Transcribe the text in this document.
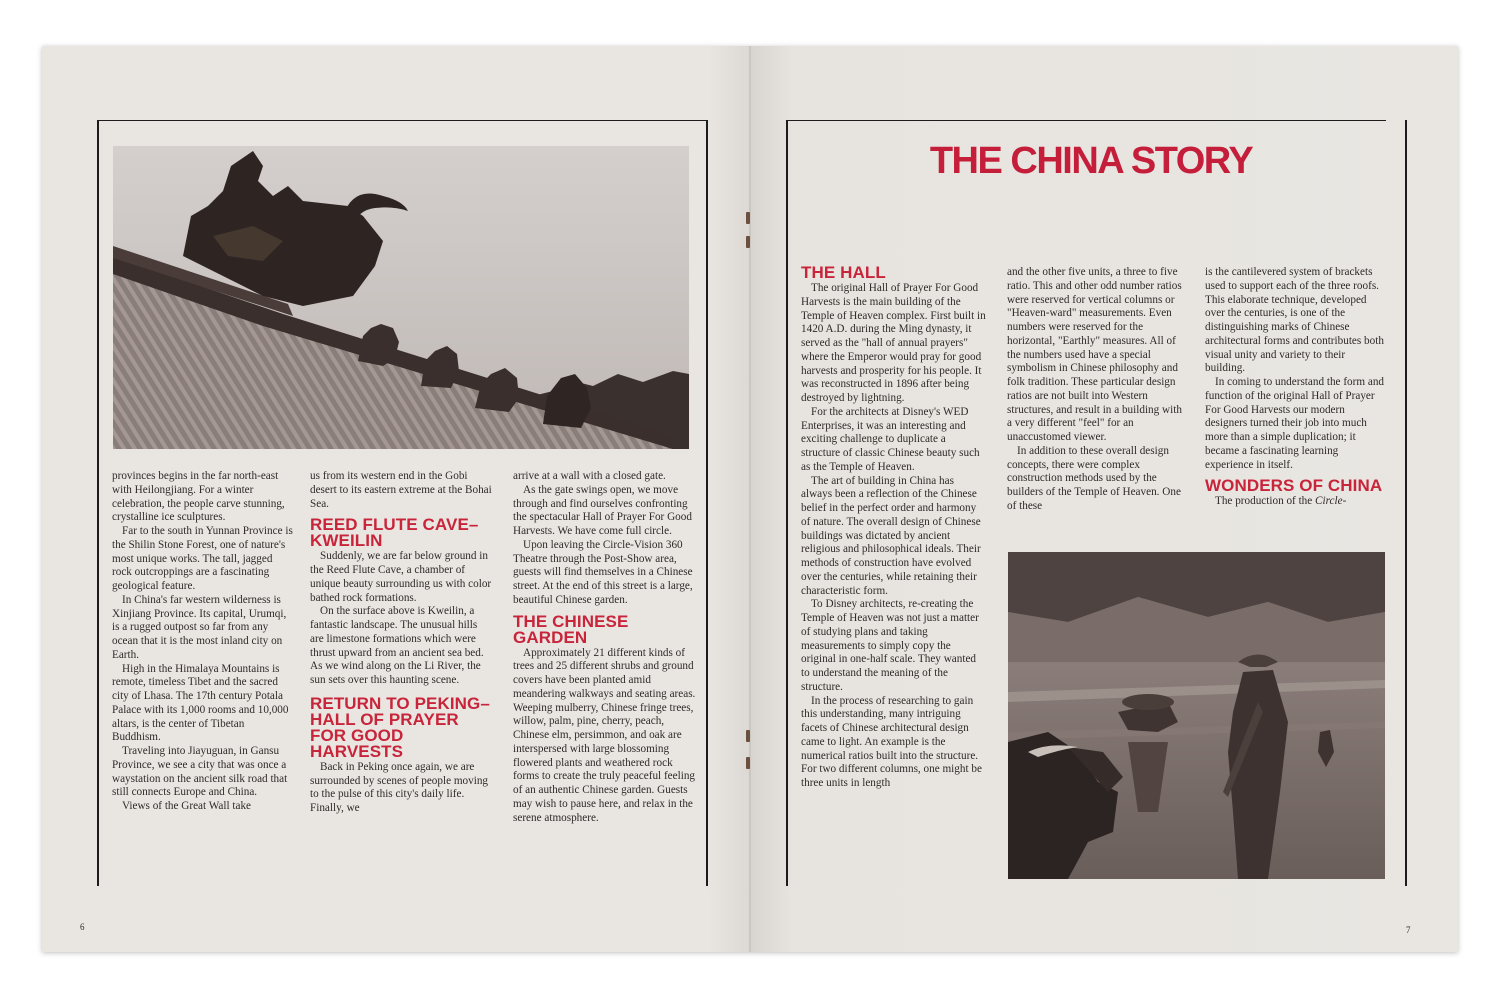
provinces begins in the far north-east with Heilongjiang. For a winter celebration, the people carve stunning, crystalline ice sculptures.

Far to the south in Yunnan Province is the Shilin Stone Forest, one of nature's most unique works. The tall, jagged rock outcroppings are a fascinating geological feature.

In China's far western wilderness is Xinjiang Province. Its capital, Urumqi, is a rugged outpost so far from any ocean that it is the most inland city on Earth.

High in the Himalaya Mountains is remote, timeless Tibet and the sacred city of Lhasa. The 17th century Potala Palace with its 1,000 rooms and 10,000 altars, is the center of Tibetan Buddhism.

Traveling into Jiayuguan, in Gansu Province, we see a city that was once a waystation on the ancient silk road that still connects Europe and China.

Views of the Great Wall take

us from its western end in the Gobi desert to its eastern extreme at the Bohai Sea.

REED FLUTE CAVE–KWEILIN

Suddenly, we are far below ground in the Reed Flute Cave, a chamber of unique beauty surrounding us with color bathed rock formations.

On the surface above is Kweilin, a fantastic landscape. The unusual hills are limestone formations which were thrust upward from an ancient sea bed. As we wind along on the Li River, the sun sets over this haunting scene.

RETURN TO PEKING–HALL OF PRAYER FOR GOOD HARVESTS

Back in Peking once again, we are surrounded by scenes of people moving to the pulse of this city's daily life. Finally, we

arrive at a wall with a closed gate.

As the gate swings open, we move through and find ourselves confronting the spectacular Hall of Prayer For Good Harvests. We have come full circle.

Upon leaving the Circle-Vision 360 Theatre through the Post-Show area, guests will find themselves in a Chinese street. At the end of this street is a large, beautiful Chinese garden.

THE CHINESE GARDEN

Approximately 21 different kinds of trees and 25 different shrubs and ground covers have been planted amid meandering walkways and seating areas. Weeping mulberry, Chinese fringe trees, willow, palm, pine, cherry, peach, Chinese elm, persimmon, and oak are interspersed with large blossoming flowered plants and weathered rock forms to create the truly peaceful feeling of an authentic Chinese garden. Guests may wish to pause here, and relax in the serene atmosphere.

6
THE CHINA STORY
THE HALL

The original Hall of Prayer For Good Harvests is the main building of the Temple of Heaven complex. First built in 1420 A.D. during the Ming dynasty, it served as the "hall of annual prayers" where the Emperor would pray for good harvests and prosperity for his people. It was reconstructed in 1896 after being destroyed by lightning.

For the architects at Disney's WED Enterprises, it was an interesting and exciting challenge to duplicate a structure of classic Chinese beauty such as the Temple of Heaven.

The art of building in China has always been a reflection of the Chinese belief in the perfect order and harmony of nature. The overall design of Chinese buildings was dictated by ancient religious and philosophical ideals. Their methods of construction have evolved over the centuries, while retaining their characteristic form.

To Disney architects, re-creating the Temple of Heaven was not just a matter of studying plans and taking measurements to simply copy the original in one-half scale. They wanted to understand the meaning of the structure.

In the process of researching to gain this understanding, many intriguing facets of Chinese architectural design came to light. An example is the numerical ratios built into the structure. For two different columns, one might be three units in length

and the other five units, a three to five ratio. This and other odd number ratios were reserved for vertical columns or "Heaven-ward" measurements. Even numbers were reserved for the horizontal, "Earthly" measures. All of the numbers used have a special symbolism in Chinese philosophy and folk tradition. These particular design ratios are not built into Western structures, and result in a building with a very different "feel" for an unaccustomed viewer.

In addition to these overall design concepts, there were complex construction methods used by the builders of the Temple of Heaven. One of these

is the cantilevered system of brackets used to support each of the three roofs. This elaborate technique, developed over the centuries, is one of the distinguishing marks of Chinese architectural forms and contributes both visual unity and variety to their building.

In coming to understand the form and function of the original Hall of Prayer For Good Harvests our modern designers turned their job into much more than a simple duplication; it became a fascinating learning experience in itself.

WONDERS OF CHINA

The production of the Circle-

7
